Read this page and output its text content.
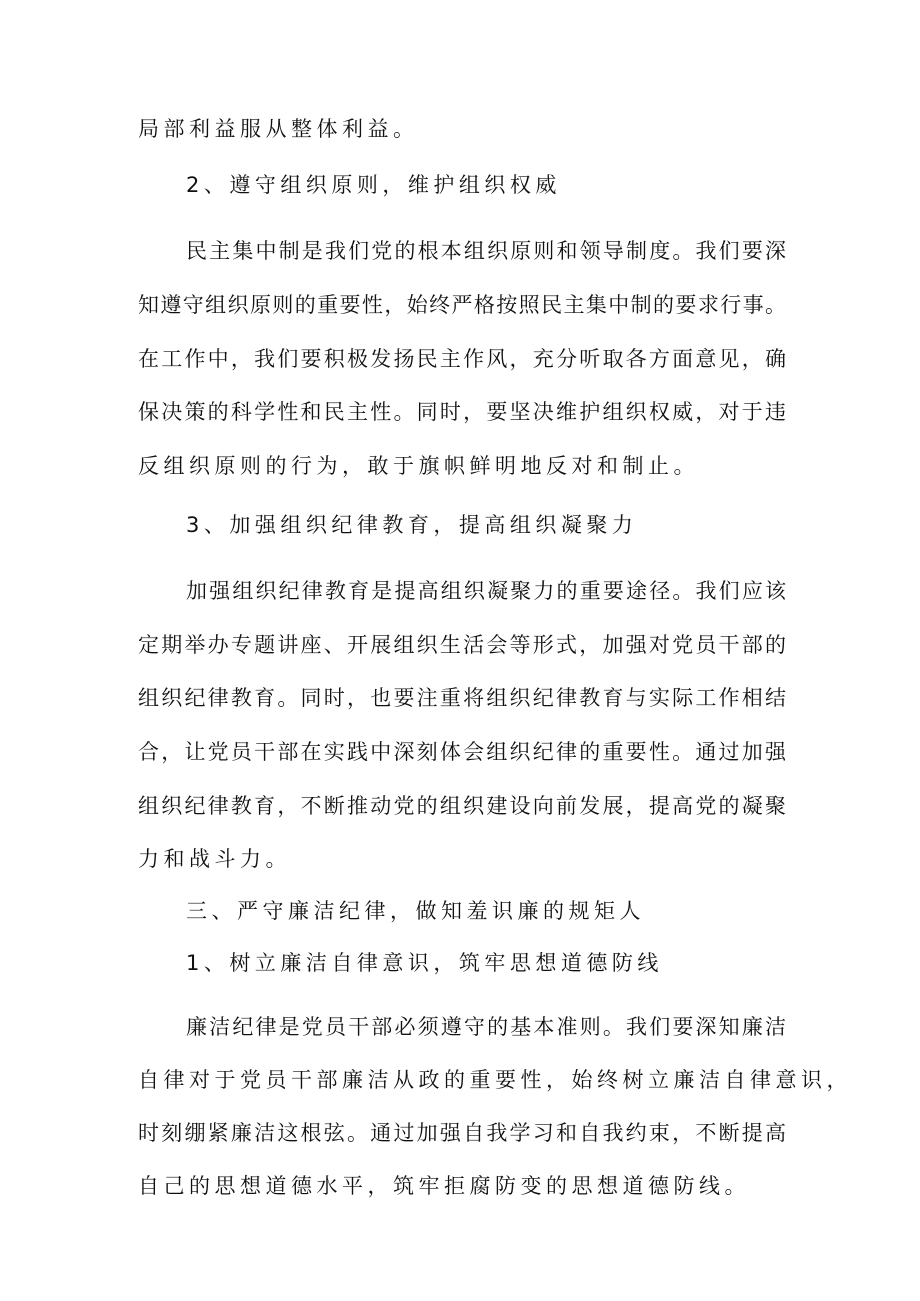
局部利益服从整体利益。
2、遵守组织原则，维护组织权威
民主集中制是我们党的根本组织原则和领导制度。我们要深
知遵守组织原则的重要性，始终严格按照民主集中制的要求行事。
在工作中，我们要积极发扬民主作风，充分听取各方面意见，确
保决策的科学性和民主性。同时，要坚决维护组织权威，对于违
反组织原则的行为，敢于旗帜鲜明地反对和制止。
3、加强组织纪律教育，提高组织凝聚力
加强组织纪律教育是提高组织凝聚力的重要途径。我们应该
定期举办专题讲座、开展组织生活会等形式，加强对党员干部的
组织纪律教育。同时，也要注重将组织纪律教育与实际工作相结
合，让党员干部在实践中深刻体会组织纪律的重要性。通过加强
组织纪律教育，不断推动党的组织建设向前发展，提高党的凝聚
力和战斗力。
三、严守廉洁纪律，做知羞识廉的规矩人
1、树立廉洁自律意识，筑牢思想道德防线
廉洁纪律是党员干部必须遵守的基本准则。我们要深知廉洁
自律对于党员干部廉洁从政的重要性，始终树立廉洁自律意识，
时刻绷紧廉洁这根弦。通过加强自我学习和自我约束，不断提高
自己的思想道德水平，筑牢拒腐防变的思想道德防线。
